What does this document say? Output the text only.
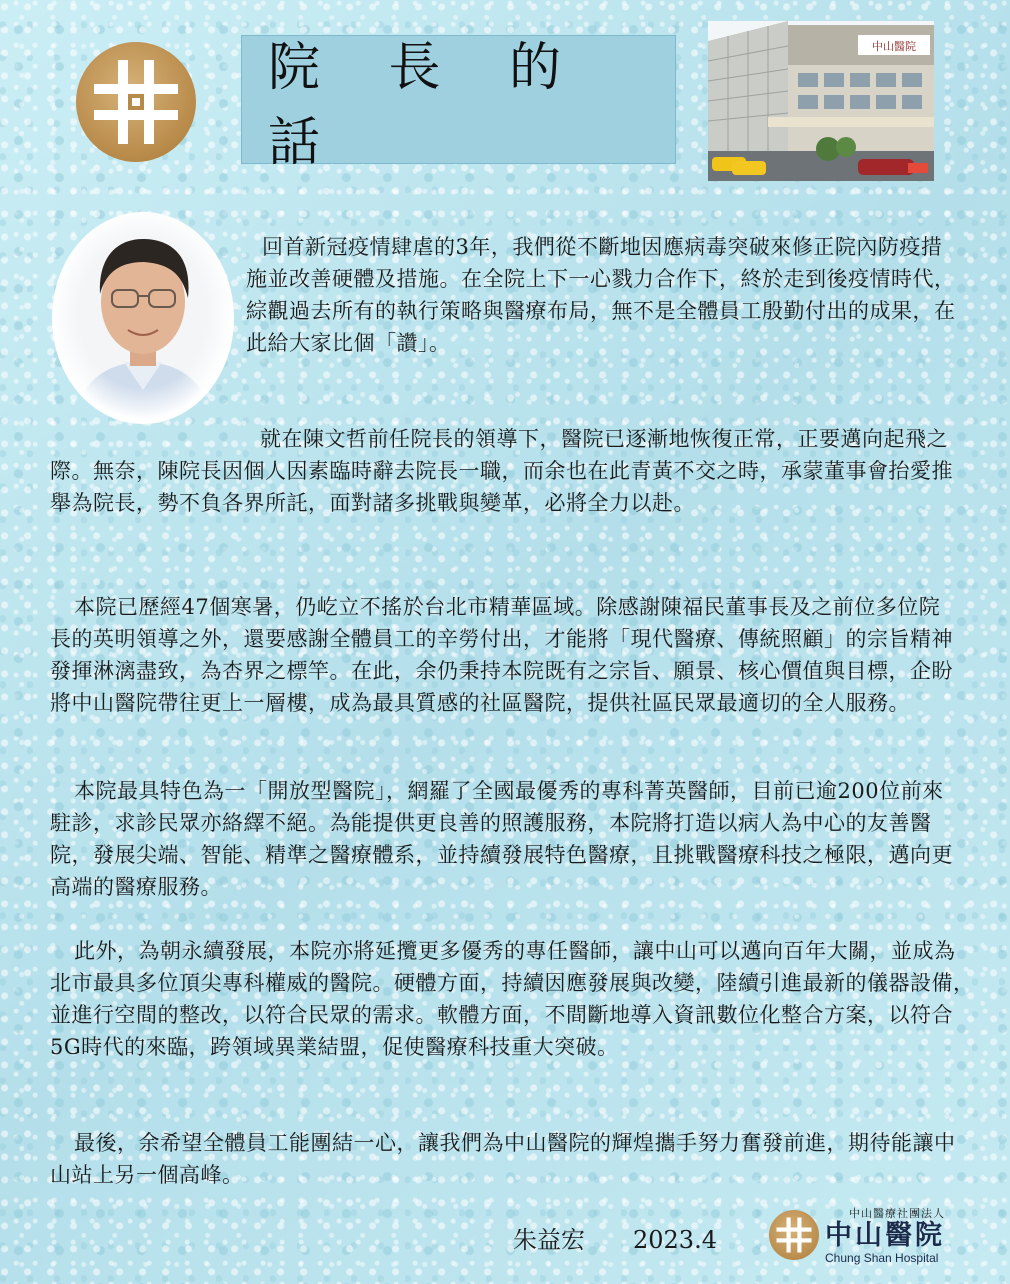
院 長 的 話
中山醫院

回首新冠疫情肆虐的3年，我們從不斷地因應病毒突破來修正院內防疫措施並改善硬體及措施。在全院上下一心戮力合作下，終於走到後疫情時代，綜觀過去所有的執行策略與醫療布局，無不是全體員工殷勤付出的成果，在此給大家比個「讚」。

就在陳文哲前任院長的領導下，醫院已逐漸地恢復正常，正要邁向起飛之際。無奈，陳院長因個人因素臨時辭去院長一職，而余也在此青黃不交之時，承蒙董事會抬愛推舉為院長，勢不負各界所託，面對諸多挑戰與變革，必將全力以赴。

本院已歷經47個寒暑，仍屹立不搖於台北市精華區域。除感謝陳福民董事長及之前位多位院長的英明領導之外，還要感謝全體員工的辛勞付出，才能將「現代醫療、傳統照顧」的宗旨精神發揮淋漓盡致，為杏界之標竿。在此，余仍秉持本院既有之宗旨、願景、核心價值與目標，企盼將中山醫院帶往更上一層樓，成為最具質感的社區醫院，提供社區民眾最適切的全人服務。

本院最具特色為一「開放型醫院」，網羅了全國最優秀的專科菁英醫師，目前已逾200位前來駐診，求診民眾亦絡繹不絕。為能提供更良善的照護服務，本院將打造以病人為中心的友善醫院，發展尖端、智能、精準之醫療體系，並持續發展特色醫療，且挑戰醫療科技之極限，邁向更高端的醫療服務。

此外，為朝永續發展，本院亦將延攬更多優秀的專任醫師，讓中山可以邁向百年大關，並成為北市最具多位頂尖專科權威的醫院。硬體方面，持續因應發展與改變，陸續引進最新的儀器設備，並進行空間的整改，以符合民眾的需求。軟體方面，不間斷地導入資訊數位化整合方案，以符合5G時代的來臨，跨領域異業結盟，促使醫療科技重大突破。

最後，余希望全體員工能團結一心，讓我們為中山醫院的輝煌攜手努力奮發前進，期待能讓中山站上另一個高峰。

朱益宏 2023.4
中山醫療社團法人
中山醫院
Chung Shan Hospital
